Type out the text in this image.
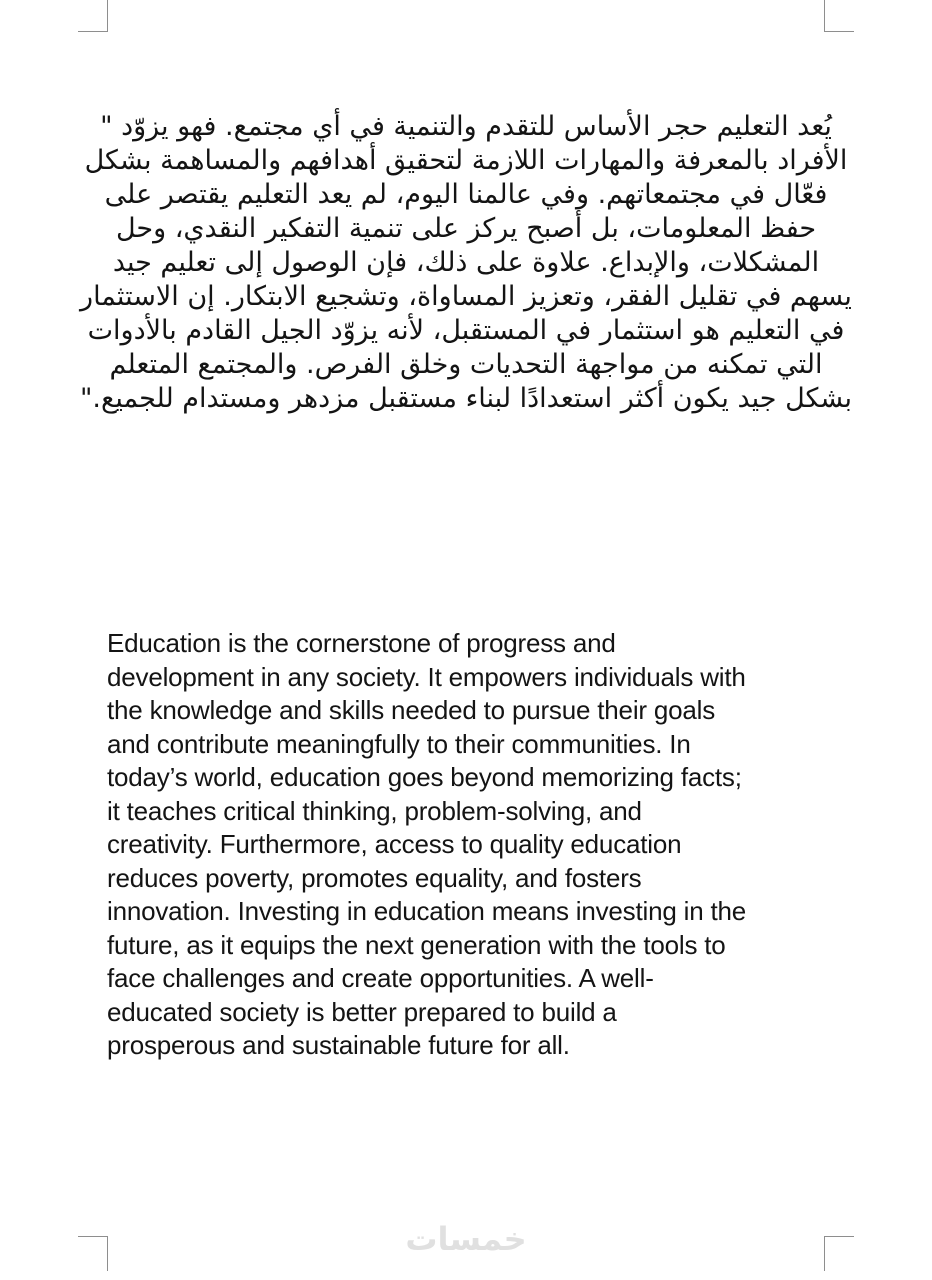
يُعد التعليم حجر الأساس للتقدم والتنمية في أي مجتمع. فهو يزوّد "
الأفراد بالمعرفة والمهارات اللازمة لتحقيق أهدافهم والمساهمة بشكل
فعّال في مجتمعاتهم. وفي عالمنا اليوم، لم يعد التعليم يقتصر على
حفظ المعلومات، بل أصبح يركز على تنمية التفكير النقدي، وحل
المشكلات، والإبداع. علاوة على ذلك، فإن الوصول إلى تعليم جيد
يسهم في تقليل الفقر، وتعزيز المساواة، وتشجيع الابتكار. إن الاستثمار
في التعليم هو استثمار في المستقبل، لأنه يزوّد الجيل القادم بالأدوات
التي تمكنه من مواجهة التحديات وخلق الفرص. والمجتمع المتعلم
بشكل جيد يكون أكثر استعدادًا لبناء مستقبل مزدهر ومستدام للجميع."
Education is the cornerstone of progress and
development in any society. It empowers individuals with
the knowledge and skills needed to pursue their goals
and contribute meaningfully to their communities. In
today’s world, education goes beyond memorizing facts;
it teaches critical thinking, problem-solving, and
creativity. Furthermore, access to quality education
reduces poverty, promotes equality, and fosters
innovation. Investing in education means investing in the
future, as it equips the next generation with the tools to
face challenges and create opportunities. A well-
educated society is better prepared to build a
prosperous and sustainable future for all.
خمسات
